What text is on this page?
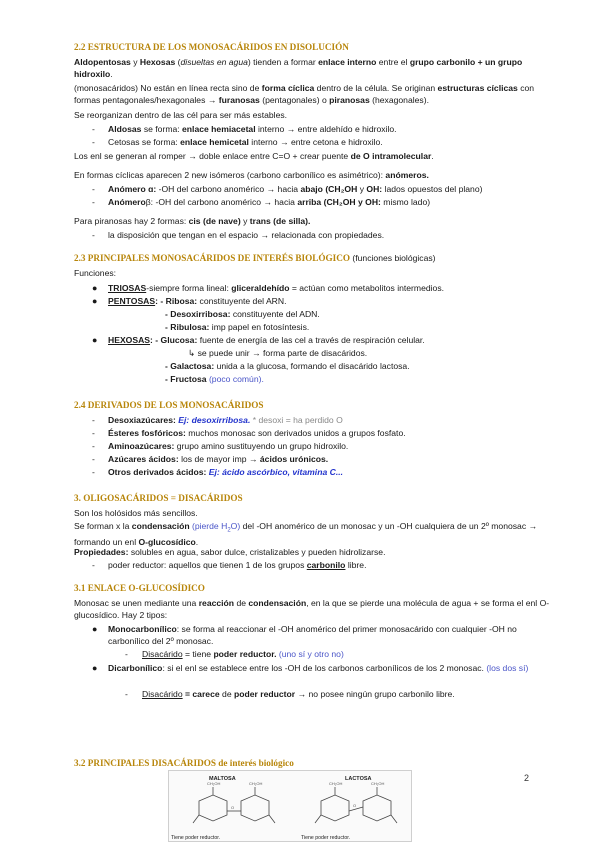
2.2 ESTRUCTURA DE LOS MONOSACÁRIDOS EN DISOLUCIÓN
Aldopentosas y Hexosas (disueltas en agua) tienden a formar enlace interno entre el grupo carbonilo + un grupo hidroxilo.
(monosacáridos) No están en línea recta sino de forma cíclica dentro de la célula. Se originan estructuras cíclicas con formas pentagonales/hexagonales → furanosas (pentagonales) o piranosas (hexagonales).
Se reorganizan dentro de las cél para ser más estables.
- Aldosas se forma: enlace hemiacetal interno → entre aldehído e hidroxilo.
- Cetosas se forma: enlace hemicetal interno → entre cetona e hidroxilo.
Los enl se generan al romper → doble enlace entre C=O + crear puente de O intramolecular.
En formas cíclicas aparecen 2 new isómeros (carbono carbonílico es asimétrico): anómeros.
- Anómero ɑ: -OH del carbono anomérico → hacia abajo (CH₂OH y OH: lados opuestos del plano)
- Anómeroβ: -OH del carbono anomérico → hacia arriba (CH₂OH y OH: mismo lado)
Para piranosas hay 2 formas: cis (de nave) y trans (de silla).
- la disposición que tengan en el espacio → relacionada con propiedades.
2.3 PRINCIPALES MONOSACÁRIDOS DE INTERÉS BIOLÓGICO (funciones biológicas)
Funciones:
● TRIOSAS-siempre forma lineal: gliceraldehído = actúan como metabolitos intermedios.
● PENTOSAS: - Ribosa: constituyente del ARN.
- Desoxirribosa: constituyente del ADN.
- Ribulosa: imp papel en fotosíntesis.
● HEXOSAS: - Glucosa: fuente de energía de las cel a través de respiración celular.
↳ se puede unir → forma parte de disacáridos.
- Galactosa: unida a la glucosa, formando el disacárido lactosa.
- Fructosa (poco común).
2.4 DERIVADOS DE LOS MONOSACÁRIDOS
- Desoxiazúcares: Ej: desoxirribosa. * desoxi = ha perdido O
- Ésteres fosfóricos: muchos monosac son derivados unidos a grupos fosfato.
- Aminoazúcares: grupo amino sustituyendo un grupo hidroxilo.
- Azúcares ácidos: los de mayor imp → ácidos urónicos.
- Otros derivados ácidos: Ej: ácido ascórbico, vitamina C...
3. OLIGOSACÁRIDOS = DISACÁRIDOS
Son los holósidos más sencillos.
Se forman x la condensación (pierde $H_2O$) del -OH anomérico de un monosac y un -OH cualquiera de un 2º monosac → formando un enl O-glucosídico.
Propiedades: solubles en agua, sabor dulce, cristalizables y pueden hidrolizarse.
- poder reductor: aquellos que tienen 1 de los grupos carbonilo libre.
3.1 ENLACE O-GLUCOSÍDICO
Monosac se unen mediante una reacción de condensación, en la que se pierde una molécula de agua + se forma el enl O-glucosídico. Hay 2 tipos:
● Monocarbonílico: se forma al reaccionar el -OH anomérico del primer monosacárido con cualquier -OH no carbonílico del 2º monosac.
- Disacárido = tiene poder reductor. (uno sí y otro no)
● Dicarbonílico: si el enl se establece entre los -OH de los carbonos carbonílicos de los 2 monosac. (los dos sí)
- Disacárido = carece de poder reductor → no posee ningún grupo carbonilo libre.
3.2 PRINCIPALES DISACÁRIDOS de interés biológico
MALTOSA	LACTOSA
CH₂OH	CH₂OH	CH₂OH	CH₂OH
O	O
Tiene poder reductor.	Tiene poder reductor.
2
